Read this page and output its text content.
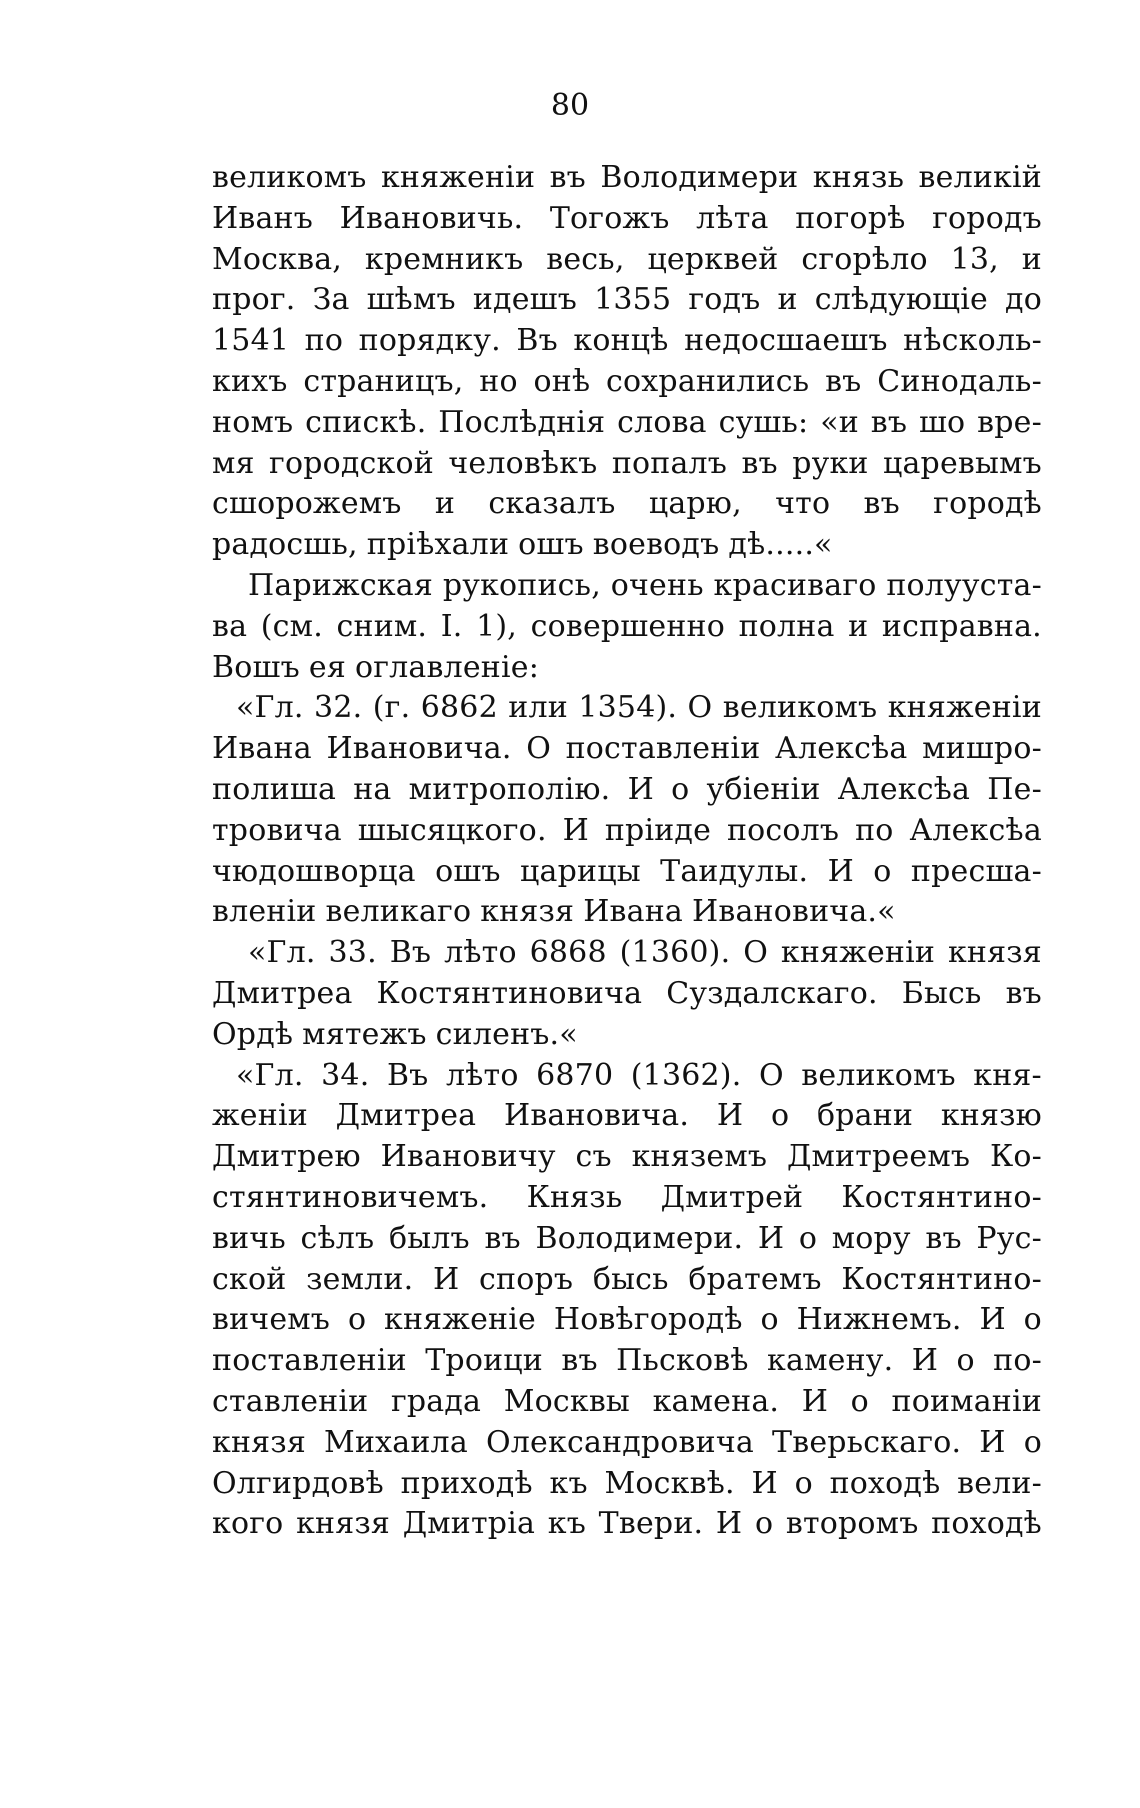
80
великомъ княженіи въ Володимери князь великій
Иванъ Ивановичь. Тогожъ лѣта погорѣ городъ
Москва, кремникъ весь, церквей сгорѣло 13, и
прог. За шѣмъ идешъ 1355 годъ и слѣдующіе до
1541 по порядку. Въ концѣ недосшаешъ нѣсколь-
кихъ страницъ, но онѣ сохранились въ Синодаль-
номъ спискѣ. Послѣднія слова сушь: «и въ шо вре-
мя городской человѣкъ попалъ въ руки царевымъ
сшорожемъ и сказалъ царю, что въ городѣ
радосшь, пріѣхали ошъ воеводъ дѣ.....«
Парижская рукопись, очень красиваго полууста-
ва (см. сним. I. 1), совершенно полна и исправна.
Вошъ ея оглавленіе:
«Гл. 32. (г. 6862 или 1354). О великомъ княженіи
Ивана Ивановича. О поставленіи Алексѣа мишро-
полиша на митрополію. И о убіеніи Алексѣа Пе-
тровича шысяцкого. И пріиде посолъ по Алексѣа
чюдошворца ошъ царицы Таидулы. И о пресша-
вленіи великаго князя Ивана Ивановича.«
«Гл. 33. Въ лѣто 6868 (1360). О княженіи князя
Дмитреа Костянтиновича Суздалскаго. Бысь въ
Ордѣ мятежъ силенъ.«
«Гл. 34. Въ лѣто 6870 (1362). О великомъ кня-
женіи Дмитреа Ивановича. И о брани князю
Дмитрею Ивановичу съ княземъ Дмитреемъ Ко-
стянтиновичемъ. Князь Дмитрей Костянтино-
вичь сѣлъ былъ въ Володимери. И о мору въ Рус-
ской земли. И споръ бысь братемъ Костянтино-
вичемъ о княженіе Новѣгородѣ о Нижнемъ. И о
поставленіи Троици въ Пьсковѣ камену. И о по-
ставленіи града Москвы камена. И о поиманіи
князя Михаила Олександровича Тверьскаго. И о
Олгирдовѣ приходѣ къ Москвѣ. И о походѣ вели-
кого князя Дмитріа къ Твери. И о второмъ походѣ
